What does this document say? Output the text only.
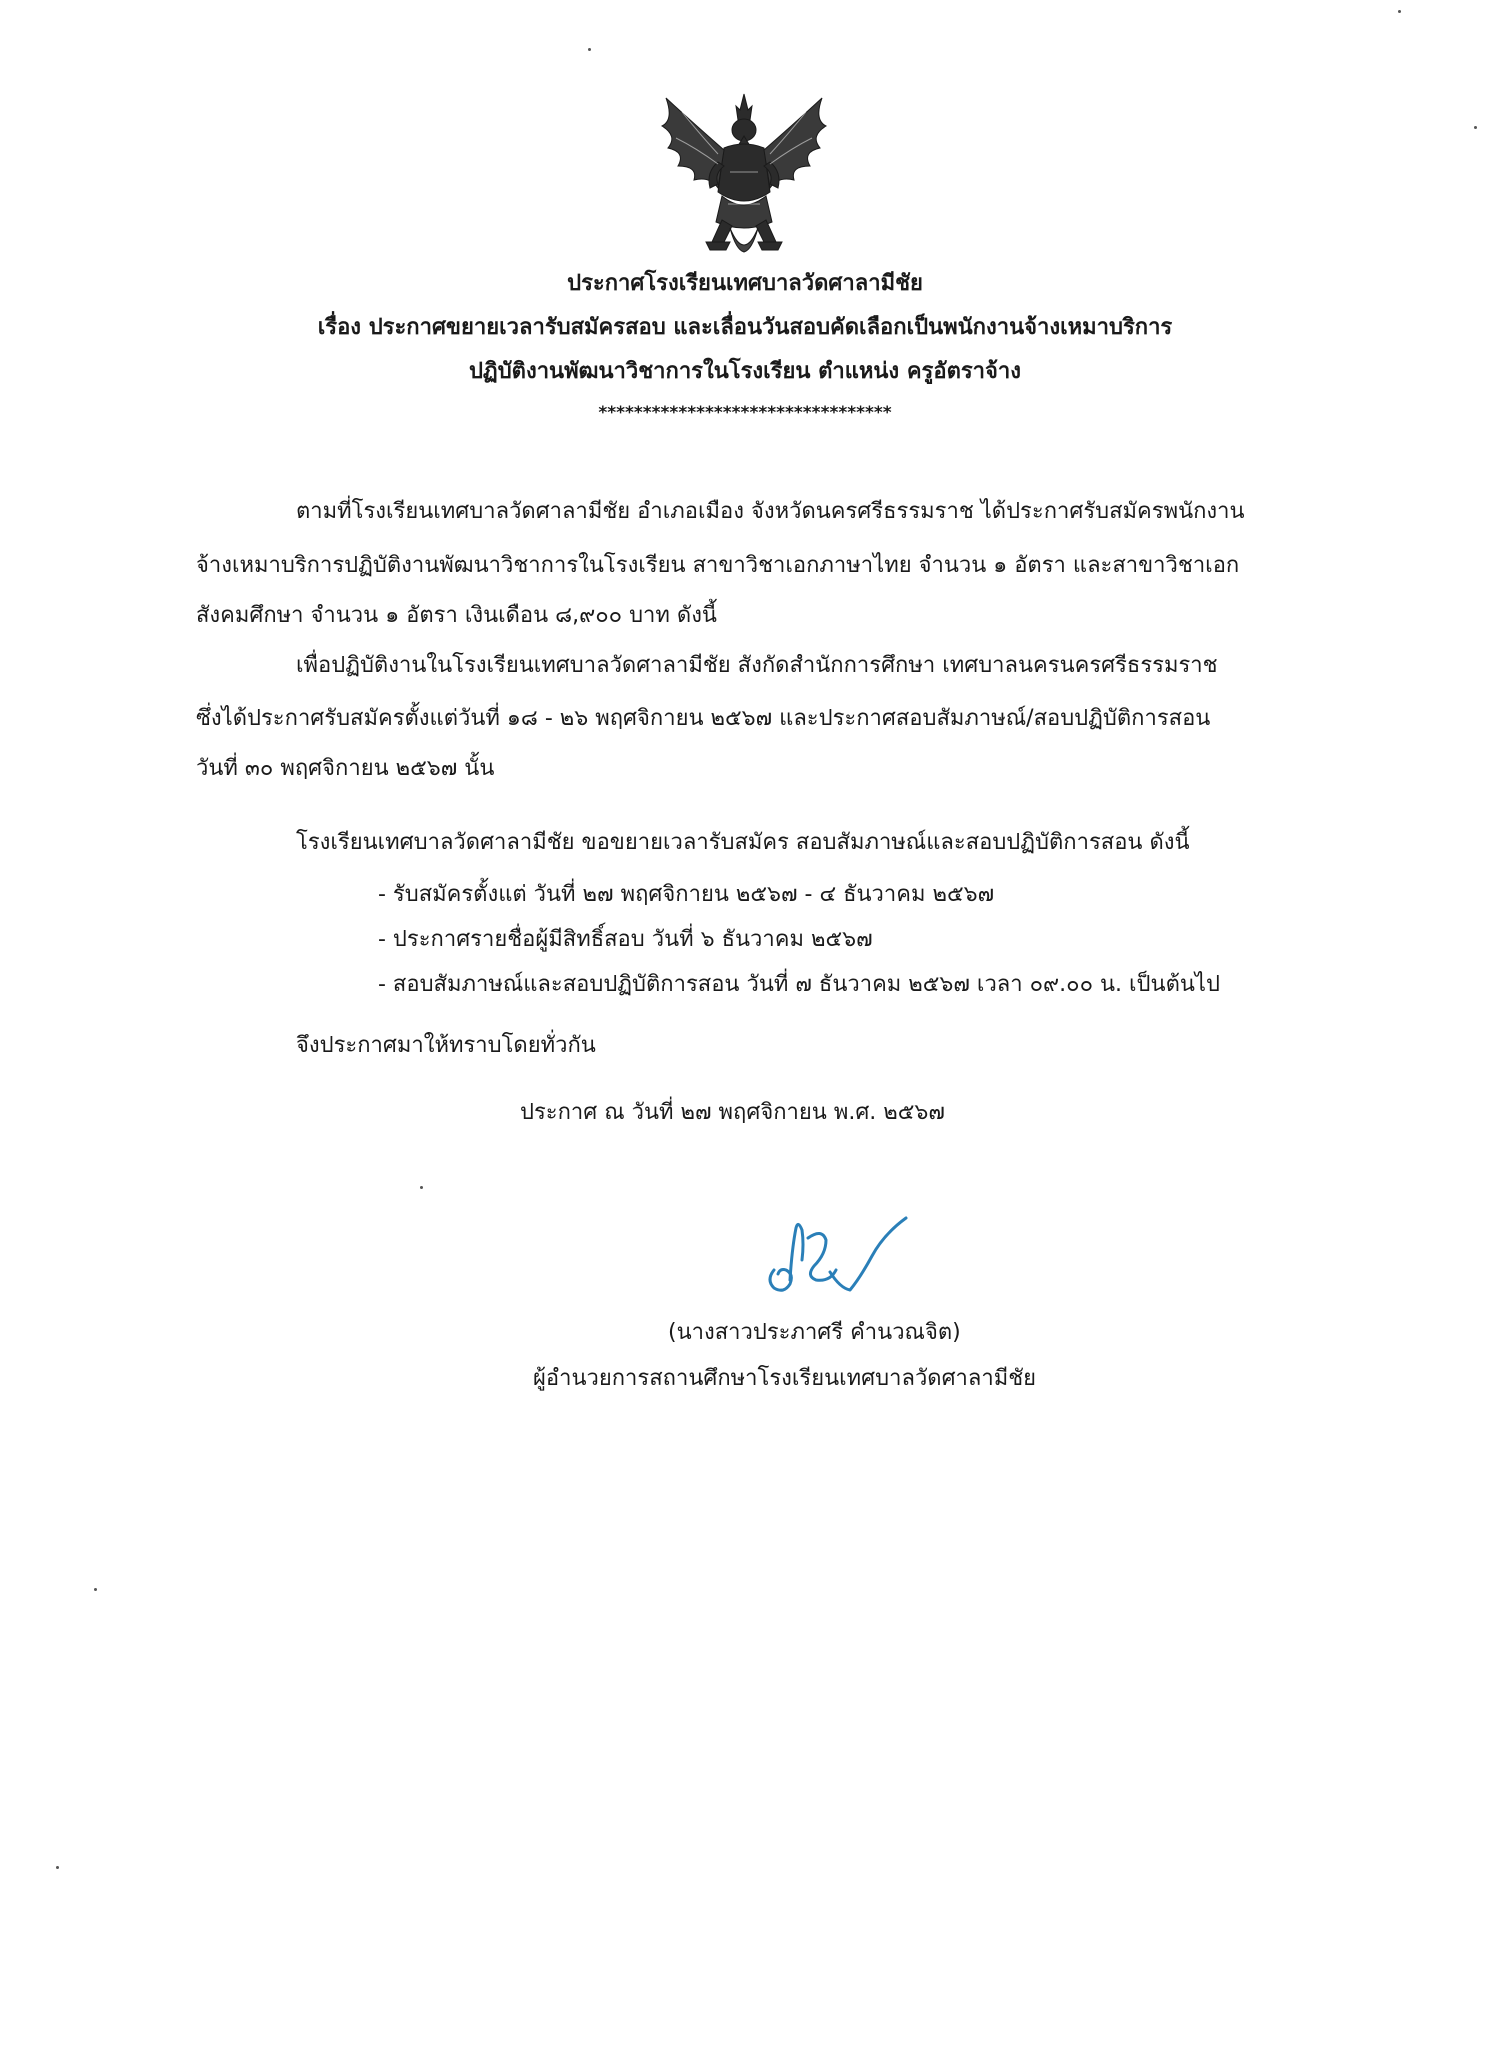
ประกาศโรงเรียนเทศบาลวัดศาลามีชัย
เรื่อง ประกาศขยายเวลารับสมัครสอบ และเลื่อนวันสอบคัดเลือกเป็นพนักงานจ้างเหมาบริการ
ปฏิบัติงานพัฒนาวิชาการในโรงเรียน ตำแหน่ง ครูอัตราจ้าง
*********************************
ตามที่โรงเรียนเทศบาลวัดศาลามีชัย อำเภอเมือง จังหวัดนครศรีธรรมราช ได้ประกาศรับสมัครพนักงาน
จ้างเหมาบริการปฏิบัติงานพัฒนาวิชาการในโรงเรียน สาขาวิชาเอกภาษาไทย จำนวน ๑ อัตรา และสาขาวิชาเอก
สังคมศึกษา จำนวน ๑ อัตรา เงินเดือน ๘,๙๐๐ บาท ดังนี้
เพื่อปฏิบัติงานในโรงเรียนเทศบาลวัดศาลามีชัย สังกัดสำนักการศึกษา เทศบาลนครนครศรีธรรมราช
ซึ่งได้ประกาศรับสมัครตั้งแต่วันที่ ๑๘ - ๒๖ พฤศจิกายน ๒๕๖๗ และประกาศสอบสัมภาษณ์/สอบปฏิบัติการสอน
วันที่ ๓๐ พฤศจิกายน ๒๕๖๗ นั้น
โรงเรียนเทศบาลวัดศาลามีชัย ขอขยายเวลารับสมัคร สอบสัมภาษณ์และสอบปฏิบัติการสอน ดังนี้
- รับสมัครตั้งแต่ วันที่ ๒๗ พฤศจิกายน ๒๕๖๗ - ๔ ธันวาคม ๒๕๖๗
- ประกาศรายชื่อผู้มีสิทธิ์สอบ วันที่ ๖ ธันวาคม ๒๕๖๗
- สอบสัมภาษณ์และสอบปฏิบัติการสอน วันที่ ๗ ธันวาคม ๒๕๖๗ เวลา ๐๙.๐๐ น. เป็นต้นไป
จึงประกาศมาให้ทราบโดยทั่วกัน
ประกาศ ณ วันที่ ๒๗ พฤศจิกายน พ.ศ. ๒๕๖๗
(นางสาวประภาศรี คำนวณจิต)
ผู้อำนวยการสถานศึกษาโรงเรียนเทศบาลวัดศาลามีชัย
